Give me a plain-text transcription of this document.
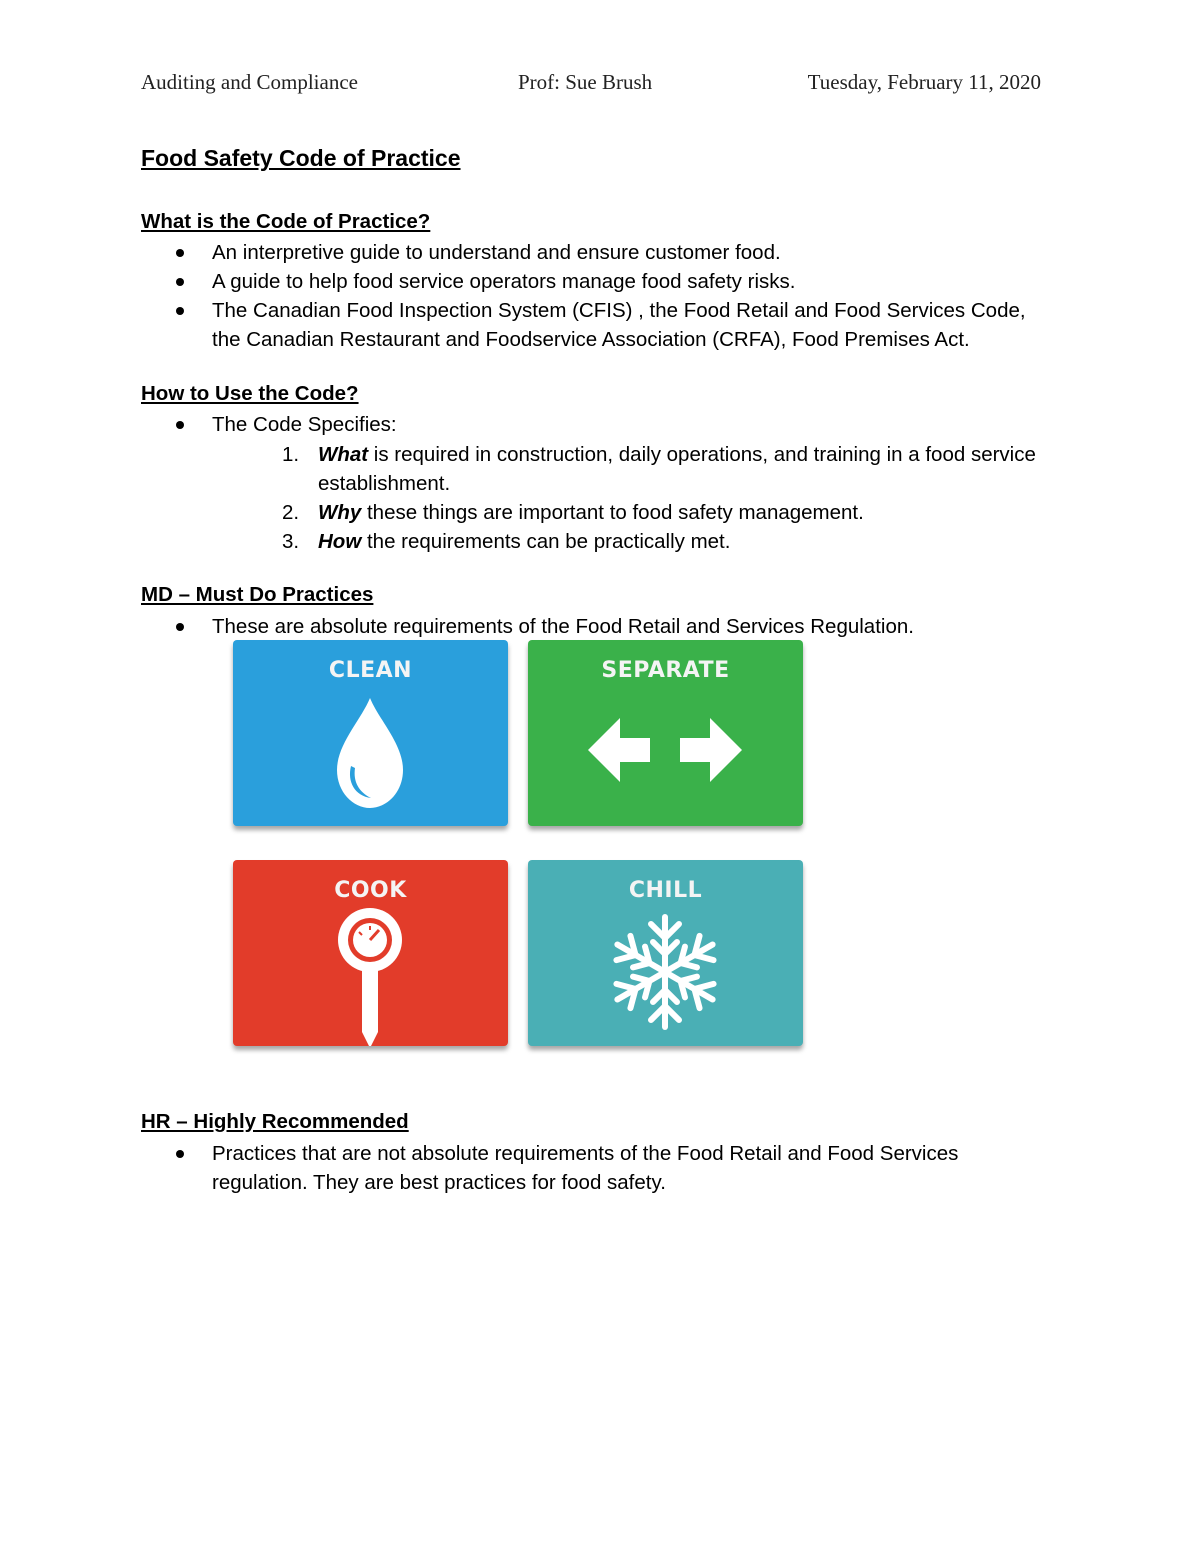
Auditing and Compliance	Prof: Sue Brush	Tuesday, February 11, 2020
Food Safety Code of Practice
What is the Code of Practice?
An interpretive guide to understand and ensure customer food.
A guide to help food service operators manage food safety risks.
The Canadian Food Inspection System (CFIS) , the Food Retail and Food Services Code, the Canadian Restaurant and Foodservice Association (CRFA), Food Premises Act.
How to Use the Code?
The Code Specifies:
1. What is required in construction, daily operations, and training in a food service establishment.
2. Why these things are important to food safety management.
3. How the requirements can be practically met.
MD – Must Do Practices
These are absolute requirements of the Food Retail and Services Regulation.
CLEAN	SEPARATE
COOK	CHILL
HR – Highly Recommended
Practices that are not absolute requirements of the Food Retail and Food Services regulation. They are best practices for food safety.
